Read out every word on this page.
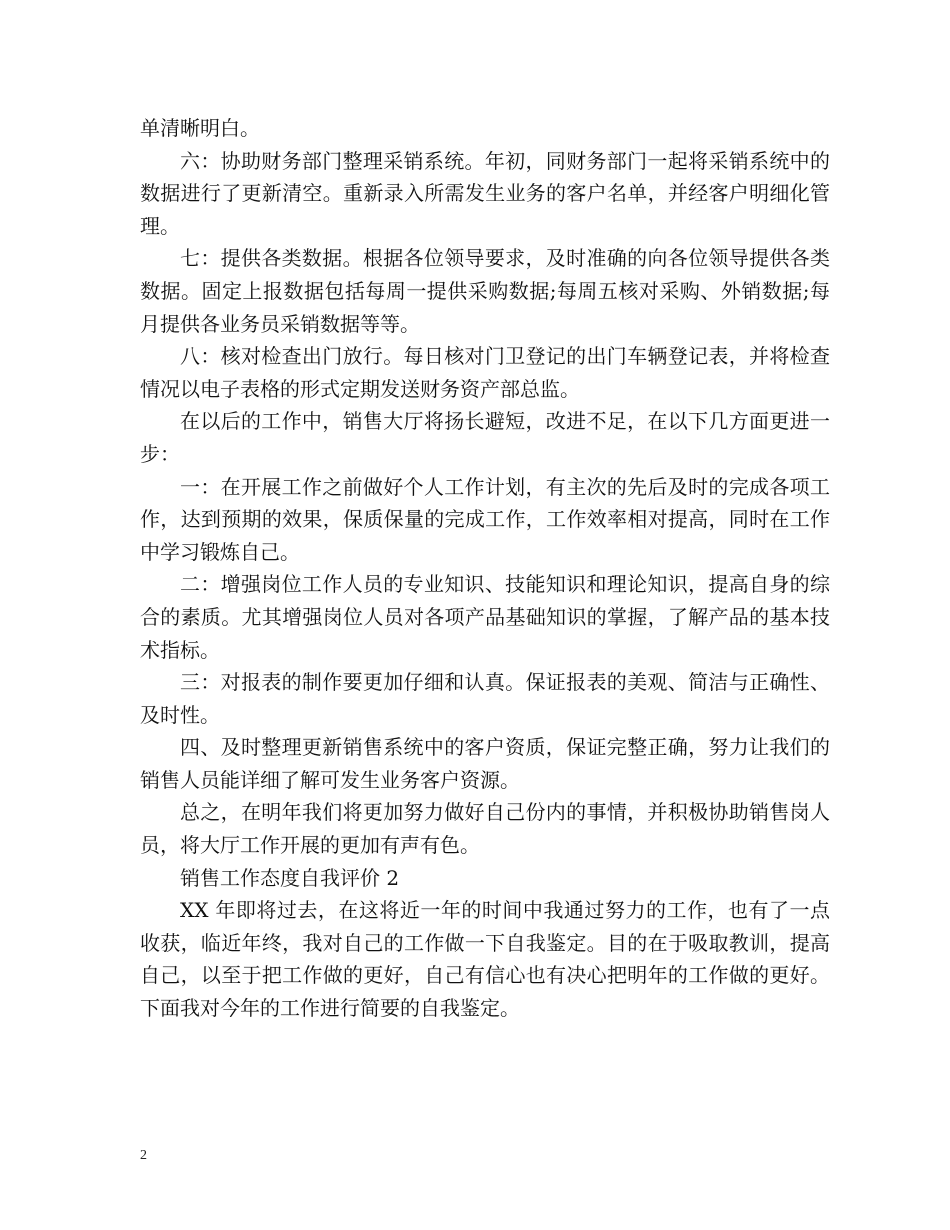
单清晰明白。

六：协助财务部门整理采销系统。年初，同财务部门一起将采销系统中的数据进行了更新清空。重新录入所需发生业务的客户名单，并经客户明细化管理。

七：提供各类数据。根据各位领导要求，及时准确的向各位领导提供各类数据。固定上报数据包括每周一提供采购数据;每周五核对采购、外销数据;每月提供各业务员采销数据等等。

八：核对检查出门放行。每日核对门卫登记的出门车辆登记表，并将检查情况以电子表格的形式定期发送财务资产部总监。

在以后的工作中，销售大厅将扬长避短，改进不足，在以下几方面更进一步：

一：在开展工作之前做好个人工作计划，有主次的先后及时的完成各项工作，达到预期的效果，保质保量的完成工作，工作效率相对提高，同时在工作中学习锻炼自己。

二：增强岗位工作人员的专业知识、技能知识和理论知识，提高自身的综合的素质。尤其增强岗位人员对各项产品基础知识的掌握，了解产品的基本技术指标。

三：对报表的制作要更加仔细和认真。保证报表的美观、简洁与正确性、及时性。

四、及时整理更新销售系统中的客户资质，保证完整正确，努力让我们的销售人员能详细了解可发生业务客户资源。

总之，在明年我们将更加努力做好自己份内的事情，并积极协助销售岗人员，将大厅工作开展的更加有声有色。

销售工作态度自我评价 2

XX 年即将过去，在这将近一年的时间中我通过努力的工作，也有了一点收获，临近年终，我对自己的工作做一下自我鉴定。目的在于吸取教训，提高自己，以至于把工作做的更好，自己有信心也有决心把明年的工作做的更好。下面我对今年的工作进行简要的自我鉴定。

2
